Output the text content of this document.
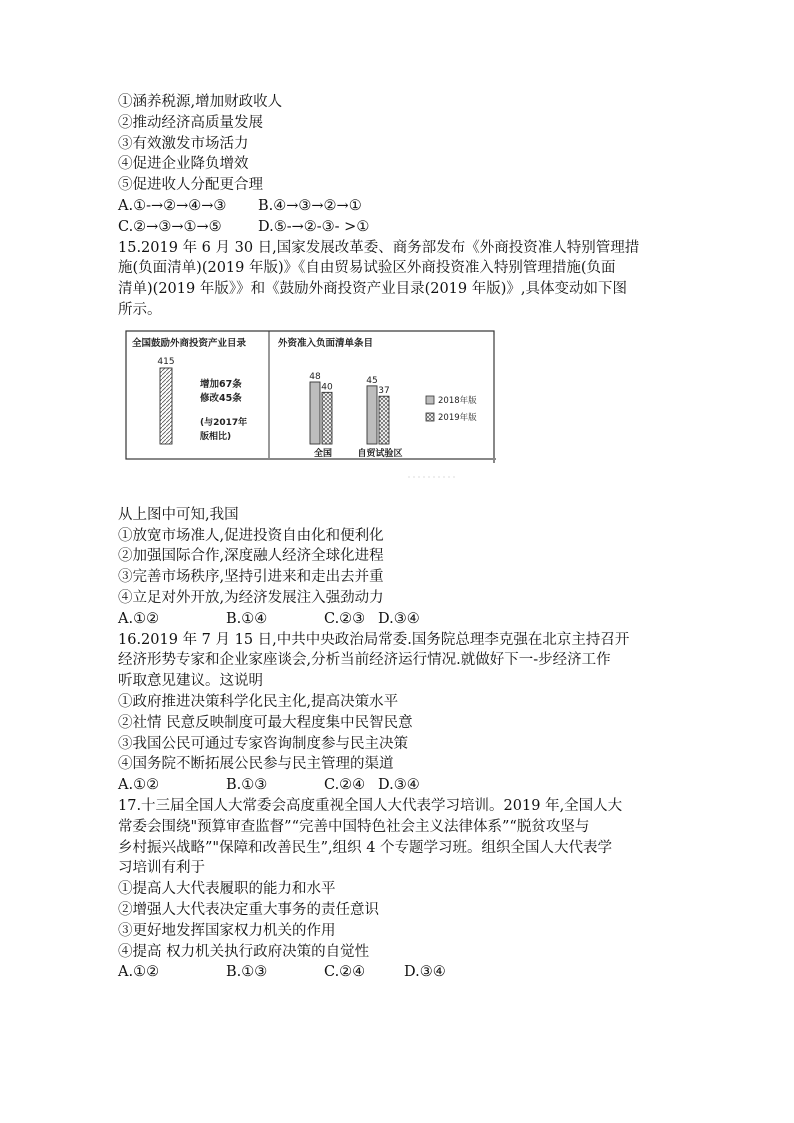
①涵养税源,增加财政收人
②推动经济高质量发展
③有效激发市场活力
④促进企业降负增效
⑤促进收人分配更合理
A.①-→②→④→③	B.④→③→②→①
C.②→③→①→⑤	D.⑤-→②-③- >①
15.2019 年 6 月 30 日,国家发展改革委、商务部发布《外商投资准人特别管理措
施(负面清单)(2019 年版)》《自由贸易试验区外商投资准入特别管理措施(负面
清单)(2019 年版》》和《鼓励外商投资产业目录(2019 年版)》,具体变动如下图
所示。
全国鼓励外商投资产业目录
415
增加67条
修改45条
(与2017年
版相比)
外资准入负面清单条目
48
40
45
37
全国	自贸试验区
2018年版
2019年版
从上图中可知,我国
①放宽市场准人,促进投资自由化和便利化
②加强国际合作,深度融人经济全球化进程
③完善市场秩序,坚持引进来和走出去并重
④立足对外开放,为经济发展注入强劲动力
A.①②	B.①④	C.②③ D.③④
16.2019 年 7 月 15 日,中共中央政治局常委.国务院总理李克强在北京主持召开
经济形势专家和企业家座谈会,分析当前经济运行情况.就做好下一-步经济工作
听取意见建议。这说明
①政府推进决策科学化民主化,提高决策水平
②社情 民意反映制度可最大程度集中民智民意
③我国公民可通过专家咨询制度参与民主决策
④国务院不断拓展公民参与民主管理的渠道
A.①②	B.①③	C.②④ D.③④
17.十三届全国人大常委会高度重视全国人大代表学习培训。2019 年,全国人大
常委会围绕"预算审查监督”“完善中国特色社会主义法律体系”“脱贫攻坚与
乡村振兴战略”"保障和改善民生”,组织 4 个专题学习班。组织全国人大代表学
习培训有利于
①提高人大代表履职的能力和水平
②增强人大代表决定重大事务的责任意识
③更好地发挥国家权力机关的作用
④提高 权力机关执行政府决策的自觉性
A.①②	B.①③	C.②④	D.③④
